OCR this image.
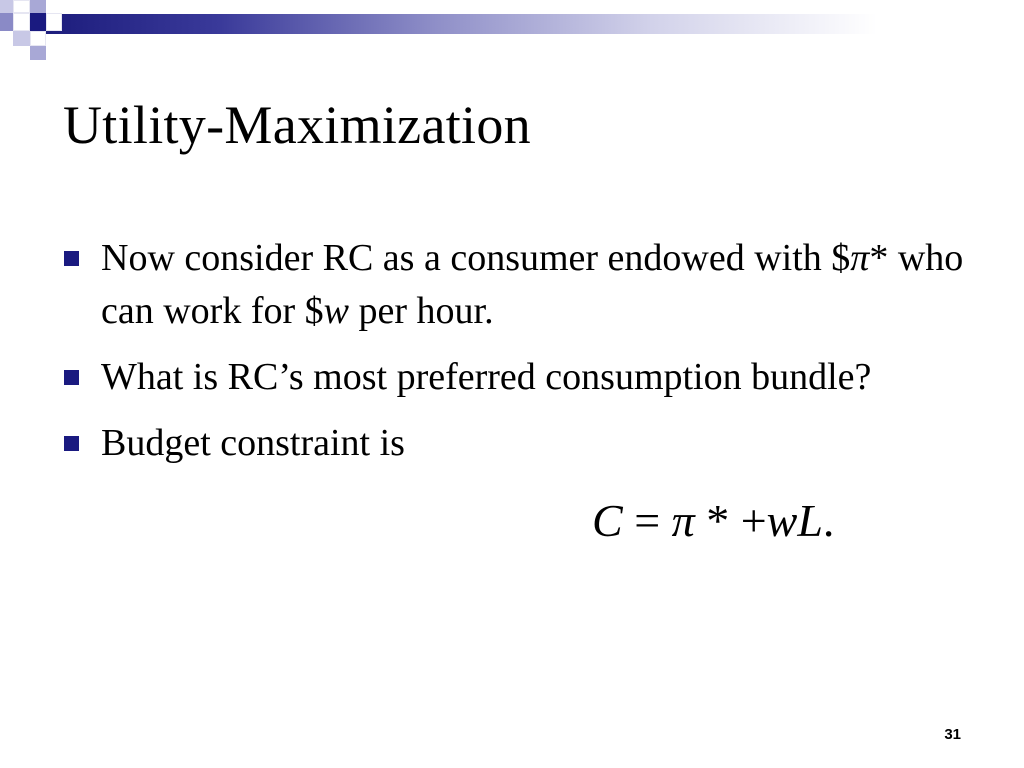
Utility-Maximization
Now consider RC as a consumer endowed with $π* who can work for $w per hour.
What is RC’s most preferred consumption bundle?
Budget constraint is
C = π * +wL.
31
